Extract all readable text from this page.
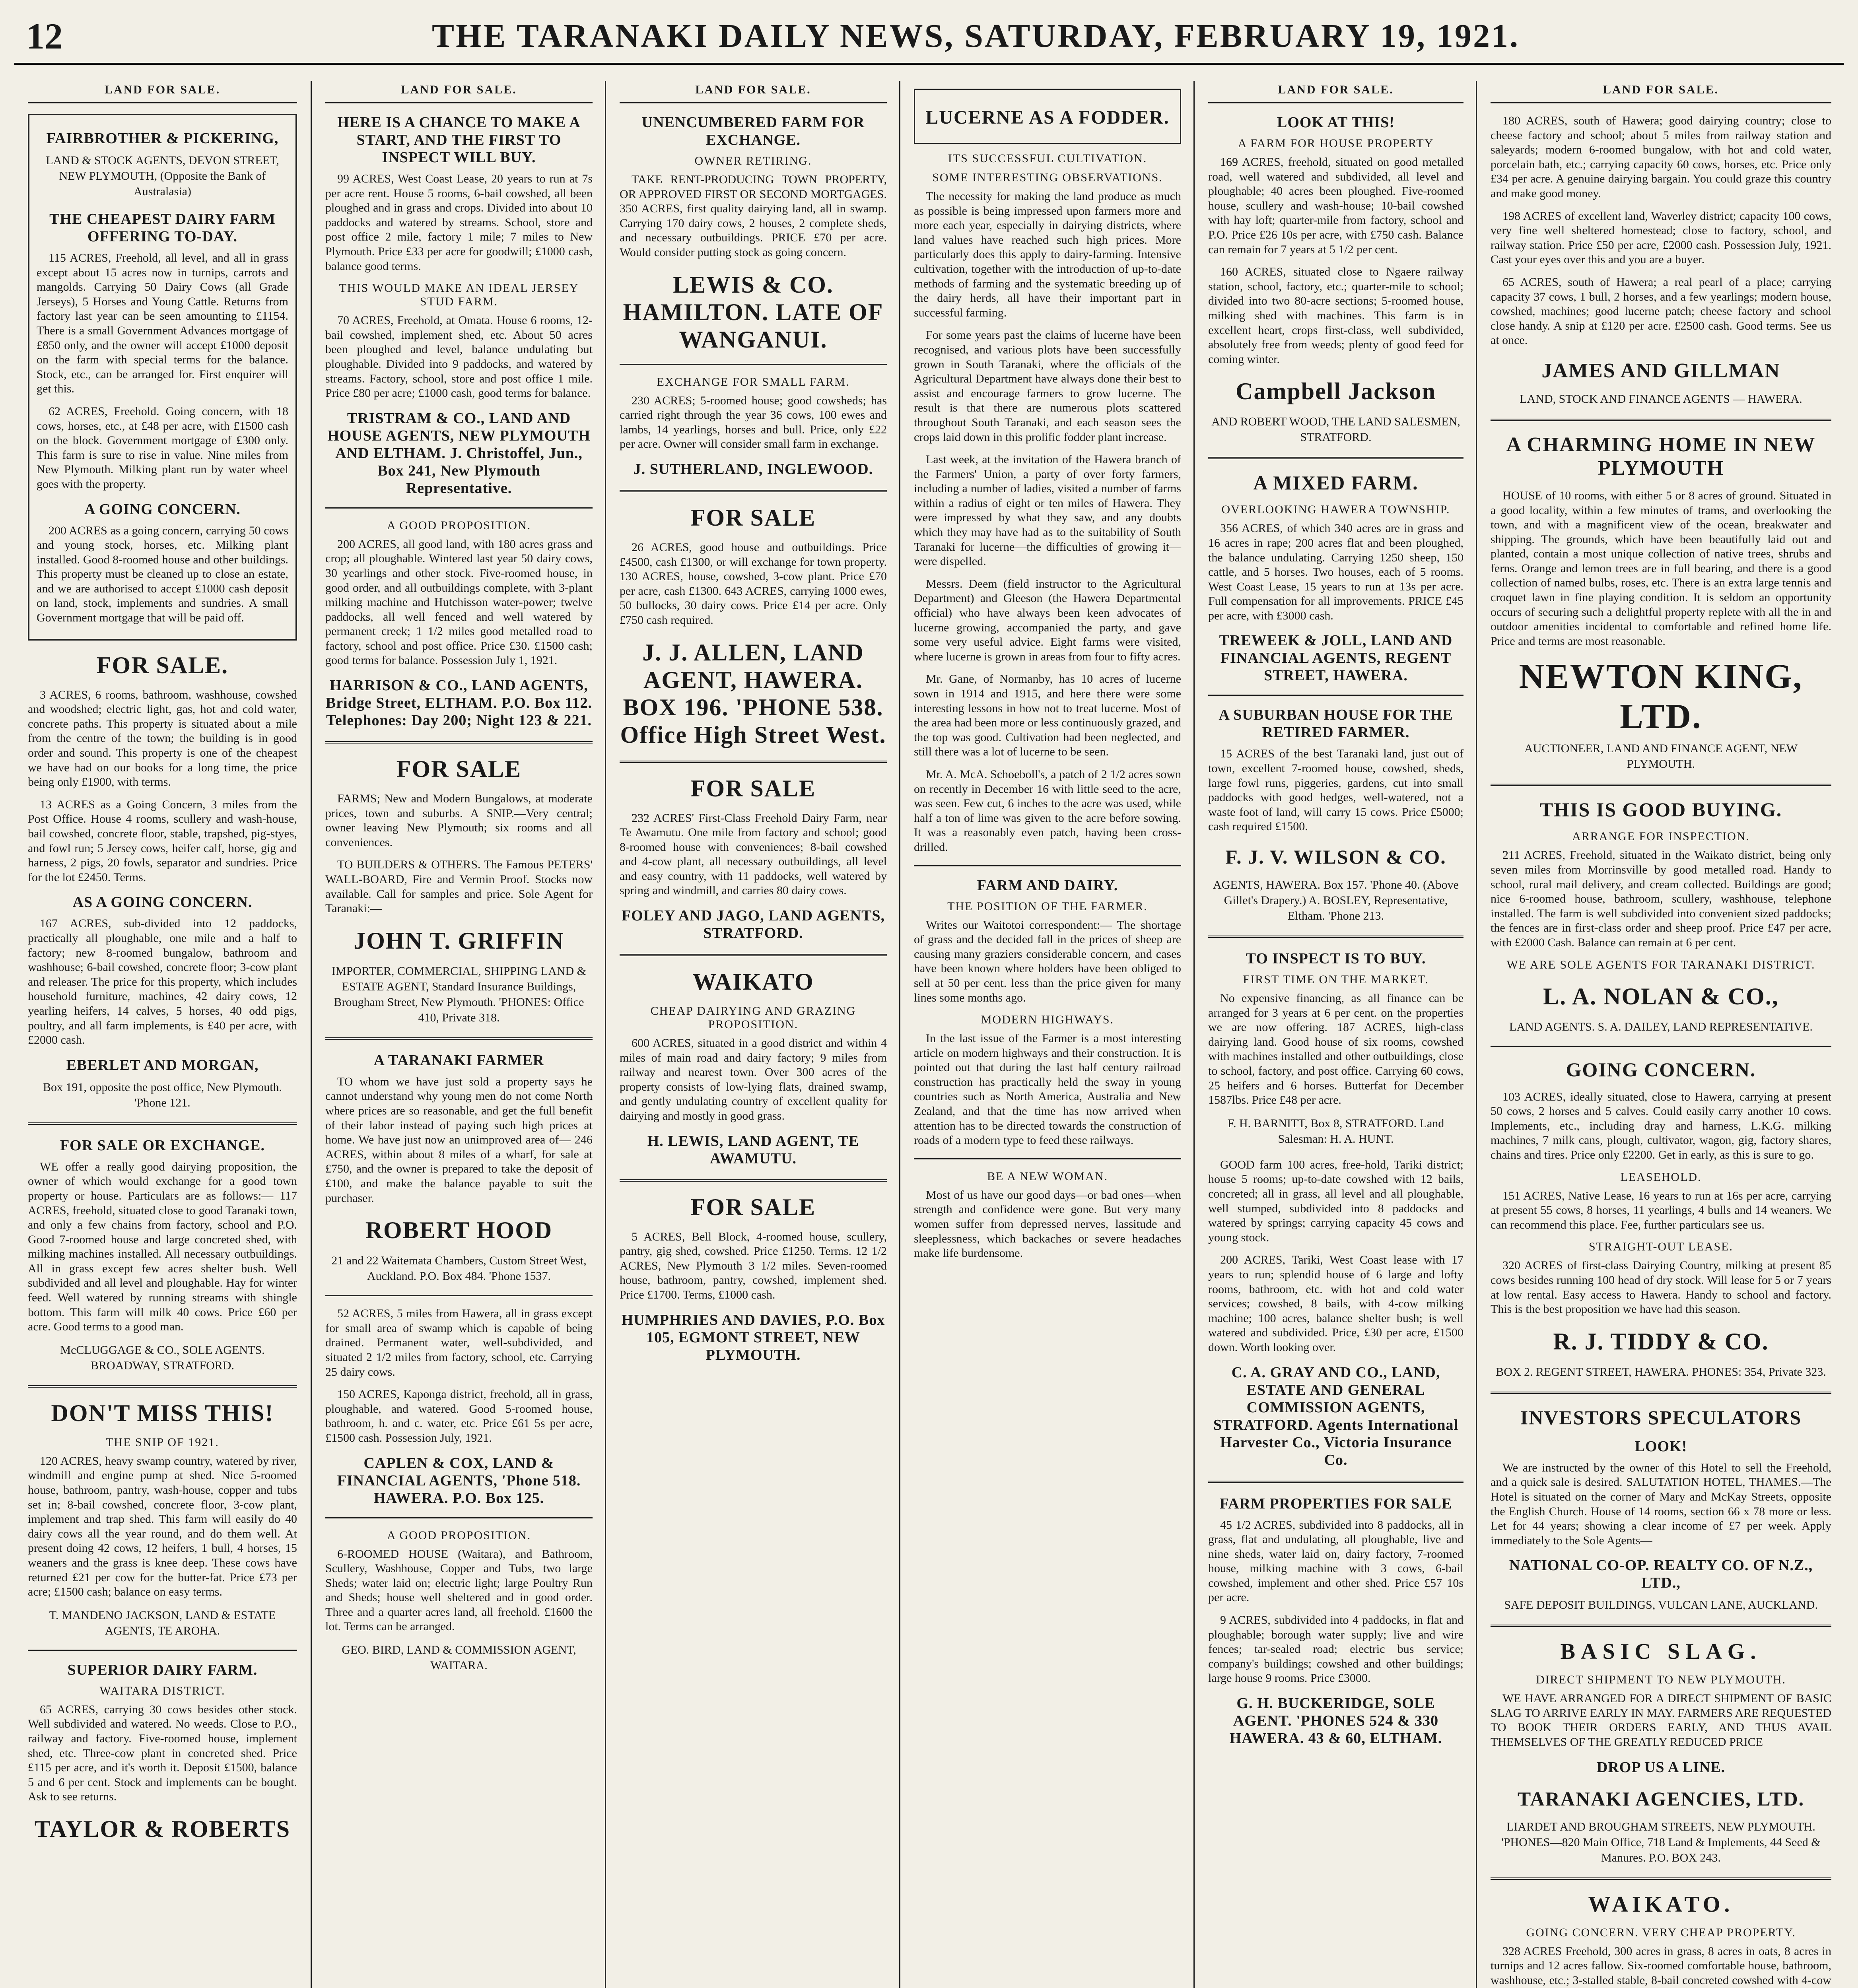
12	THE TARANAKI DAILY NEWS, SATURDAY, FEBRUARY 19, 1921.
LAND FOR SALE.
FAIRBROTHER & PICKERING,
LAND & STOCK AGENTS, DEVON STREET, NEW PLYMOUTH, (Opposite the Bank of Australasia)
THE CHEAPEST DAIRY FARM OFFERING TO-DAY.

115 ACRES, Freehold, all level, and all in grass except about 15 acres now in turnips, carrots and mangolds. Carrying 50 Dairy Cows (all Grade Jerseys), 5 Horses and Young Cattle. Returns from factory last year can be seen amounting to £1154. There is a small Government Advances mortgage of £850 only, and the owner will accept £1000 deposit on the farm with special terms for the balance. Stock, etc., can be arranged for. First enquirer will get this.

62 ACRES, Freehold. Going concern, with 18 cows, horses, etc., at £48 per acre, with £1500 cash on the block. Government mortgage of £300 only. This farm is sure to rise in value. Nine miles from New Plymouth. Milking plant run by water wheel goes with the property.

A GOING CONCERN.

200 ACRES as a going concern, carrying 50 cows and young stock, horses, etc. Milking plant installed. Good 8-roomed house and other buildings. This property must be cleaned up to close an estate, and we are authorised to accept £1000 cash deposit on land, stock, implements and sundries. A small Government mortgage that will be paid off.

FOR SALE.

3 ACRES, 6 rooms, bathroom, washhouse, cowshed and woodshed; electric light, gas, hot and cold water, concrete paths. This property is situated about a mile from the centre of the town; the building is in good order and sound. This property is one of the cheapest we have had on our books for a long time, the price being only £1900, with terms.

13 ACRES as a Going Concern, 3 miles from the Post Office. House 4 rooms, scullery and wash-house, bail cowshed, concrete floor, stable, trapshed, pig-styes, and fowl run; 5 Jersey cows, heifer calf, horse, gig and harness, 2 pigs, 20 fowls, separator and sundries. Price for the lot £2450. Terms.

AS A GOING CONCERN.

167 ACRES, sub-divided into 12 paddocks, practically all ploughable, one mile and a half to factory; new 8-roomed bungalow, bathroom and washhouse; 6-bail cowshed, concrete floor; 3-cow plant and releaser. The price for this property, which includes household furniture, machines, 42 dairy cows, 12 yearling heifers, 14 calves, 5 horses, 40 odd pigs, poultry, and all farm implements, is £40 per acre, with £2000 cash.

EBERLET AND MORGAN,
Box 191, opposite the post office, New Plymouth. 'Phone 121.
FOR SALE OR EXCHANGE.

WE offer a really good dairying proposition, the owner of which would exchange for a good town property or house. Particulars are as follows:— 117 ACRES, freehold, situated close to good Taranaki town, and only a few chains from factory, school and P.O. Good 7-roomed house and large concreted shed, with milking machines installed. All necessary outbuildings. All in grass except few acres shelter bush. Well subdivided and all level and ploughable. Hay for winter feed. Well watered by running streams with shingle bottom. This farm will milk 40 cows. Price £60 per acre. Good terms to a good man.

McCLUGGAGE & CO., SOLE AGENTS. BROADWAY, STRATFORD.
DON'T MISS THIS!
THE SNIP OF 1921.

120 ACRES, heavy swamp country, watered by river, windmill and engine pump at shed. Nice 5-roomed house, bathroom, pantry, wash-house, copper and tubs set in; 8-bail cowshed, concrete floor, 3-cow plant, implement and trap shed. This farm will easily do 40 dairy cows all the year round, and do them well. At present doing 42 cows, 12 heifers, 1 bull, 4 horses, 15 weaners and the grass is knee deep. These cows have returned £21 per cow for the butter-fat. Price £73 per acre; £1500 cash; balance on easy terms.

T. MANDENO JACKSON, LAND & ESTATE AGENTS, TE AROHA.
SUPERIOR DAIRY FARM.
WAITARA DISTRICT.

65 ACRES, carrying 30 cows besides other stock. Well subdivided and watered. No weeds. Close to P.O., railway and factory. Five-roomed house, implement shed, etc. Three-cow plant in concreted shed. Price £115 per acre, and it's worth it. Deposit £1500, balance 5 and 6 per cent. Stock and implements can be bought. Ask to see returns.

TAYLOR & ROBERTS
LAND FOR SALE.
HERE IS A CHANCE TO MAKE A START, AND THE FIRST TO INSPECT WILL BUY.

99 ACRES, West Coast Lease, 20 years to run at 7s per acre rent. House 5 rooms, 6-bail cowshed, all been ploughed and in grass and crops. Divided into about 10 paddocks and watered by streams. School, store and post office 2 mile, factory 1 mile; 7 miles to New Plymouth. Price £33 per acre for goodwill; £1000 cash, balance good terms.

THIS WOULD MAKE AN IDEAL JERSEY STUD FARM.

70 ACRES, Freehold, at Omata. House 6 rooms, 12-bail cowshed, implement shed, etc. About 50 acres been ploughed and level, balance undulating but ploughable. Divided into 9 paddocks, and watered by streams. Factory, school, store and post office 1 mile. Price £80 per acre; £1000 cash, good terms for balance.

TRISTRAM & CO., LAND AND HOUSE AGENTS, NEW PLYMOUTH AND ELTHAM. J. Christoffel, Jun., Box 241, New Plymouth Representative.
A GOOD PROPOSITION.

200 ACRES, all good land, with 180 acres grass and crop; all ploughable. Wintered last year 50 dairy cows, 30 yearlings and other stock. Five-roomed house, in good order, and all outbuildings complete, with 3-plant milking machine and Hutchisson water-power; twelve paddocks, all well fenced and well watered by permanent creek; 1 1/2 miles good metalled road to factory, school and post office. Price £30. £1500 cash; good terms for balance. Possession July 1, 1921.

HARRISON & CO., LAND AGENTS, Bridge Street, ELTHAM. P.O. Box 112. Telephones: Day 200; Night 123 & 221.
FOR SALE

FARMS; New and Modern Bungalows, at moderate prices, town and suburbs. A SNIP.—Very central; owner leaving New Plymouth; six rooms and all conveniences.

TO BUILDERS & OTHERS. The Famous PETERS' WALL-BOARD, Fire and Vermin Proof. Stocks now available. Call for samples and price. Sole Agent for Taranaki:—

JOHN T. GRIFFIN
IMPORTER, COMMERCIAL, SHIPPING LAND & ESTATE AGENT, Standard Insurance Buildings, Brougham Street, New Plymouth. 'PHONES: Office 410, Private 318.
A TARANAKI FARMER

TO whom we have just sold a property says he cannot understand why young men do not come North where prices are so reasonable, and get the full benefit of their labor instead of paying such high prices at home. We have just now an unimproved area of— 246 ACRES, within about 8 miles of a wharf, for sale at £750, and the owner is prepared to take the deposit of £100, and make the balance payable to suit the purchaser.

ROBERT HOOD
21 and 22 Waitemata Chambers, Custom Street West, Auckland. P.O. Box 484. 'Phone 1537.

52 ACRES, 5 miles from Hawera, all in grass except for small area of swamp which is capable of being drained. Permanent water, well-subdivided, and situated 2 1/2 miles from factory, school, etc. Carrying 25 dairy cows.

150 ACRES, Kaponga district, freehold, all in grass, ploughable, and watered. Good 5-roomed house, bathroom, h. and c. water, etc. Price £61 5s per acre, £1500 cash. Possession July, 1921.

CAPLEN & COX, LAND & FINANCIAL AGENTS, 'Phone 518. HAWERA. P.O. Box 125.
A GOOD PROPOSITION.

6-ROOMED HOUSE (Waitara), and Bathroom, Scullery, Washhouse, Copper and Tubs, two large Sheds; water laid on; electric light; large Poultry Run and Sheds; house well sheltered and in good order. Three and a quarter acres land, all freehold. £1600 the lot. Terms can be arranged.

GEO. BIRD, LAND & COMMISSION AGENT, WAITARA.
LAND FOR SALE.
UNENCUMBERED FARM FOR EXCHANGE.
OWNER RETIRING.

TAKE RENT-PRODUCING TOWN PROPERTY, OR APPROVED FIRST OR SECOND MORTGAGES. 350 ACRES, first quality dairying land, all in swamp. Carrying 170 dairy cows, 2 houses, 2 complete sheds, and necessary outbuildings. PRICE £70 per acre. Would consider putting stock as going concern.

LEWIS & CO. HAMILTON. LATE OF WANGANUI.
EXCHANGE FOR SMALL FARM.

230 ACRES; 5-roomed house; good cowsheds; has carried right through the year 36 cows, 100 ewes and lambs, 14 yearlings, horses and bull. Price, only £22 per acre. Owner will consider small farm in exchange.

J. SUTHERLAND, INGLEWOOD.
FOR SALE

26 ACRES, good house and outbuildings. Price £4500, cash £1300, or will exchange for town property. 130 ACRES, house, cowshed, 3-cow plant. Price £70 per acre, cash £1300. 643 ACRES, carrying 1000 ewes, 50 bullocks, 30 dairy cows. Price £14 per acre. Only £750 cash required.

J. J. ALLEN, LAND AGENT, HAWERA. BOX 196. 'PHONE 538. Office High Street West.
FOR SALE

232 ACRES' First-Class Freehold Dairy Farm, near Te Awamutu. One mile from factory and school; good 8-roomed house with conveniences; 8-bail cowshed and 4-cow plant, all necessary outbuildings, all level and easy country, with 11 paddocks, well watered by spring and windmill, and carries 80 dairy cows.

FOLEY AND JAGO, LAND AGENTS, STRATFORD.
WAIKATO
CHEAP DAIRYING AND GRAZING PROPOSITION.

600 ACRES, situated in a good district and within 4 miles of main road and dairy factory; 9 miles from railway and nearest town. Over 300 acres of the property consists of low-lying flats, drained swamp, and gently undulating country of excellent quality for dairying and mostly in good grass.

H. LEWIS, LAND AGENT, TE AWAMUTU.
FOR SALE

5 ACRES, Bell Block, 4-roomed house, scullery, pantry, gig shed, cowshed. Price £1250. Terms. 12 1/2 ACRES, New Plymouth 3 1/2 miles. Seven-roomed house, bathroom, pantry, cowshed, implement shed. Price £1700. Terms, £1000 cash.

HUMPHRIES AND DAVIES, P.O. Box 105, EGMONT STREET, NEW PLYMOUTH.
LUCERNE AS A FODDER.
ITS SUCCESSFUL CULTIVATION.
SOME INTERESTING OBSERVATIONS.

The necessity for making the land produce as much as possible is being impressed upon farmers more and more each year, especially in dairying districts, where land values have reached such high prices. More particularly does this apply to dairy-farming. Intensive cultivation, together with the introduction of up-to-date methods of farming and the systematic breeding up of the dairy herds, all have their important part in successful farming.

For some years past the claims of lucerne have been recognised, and various plots have been successfully grown in South Taranaki, where the officials of the Agricultural Department have always done their best to assist and encourage farmers to grow lucerne. The result is that there are numerous plots scattered throughout South Taranaki, and each season sees the crops laid down in this prolific fodder plant increase.

Last week, at the invitation of the Hawera branch of the Farmers' Union, a party of over forty farmers, including a number of ladies, visited a number of farms within a radius of eight or ten miles of Hawera. They were impressed by what they saw, and any doubts which they may have had as to the suitability of South Taranaki for lucerne—the difficulties of growing it—were dispelled.

Messrs. Deem (field instructor to the Agricultural Department) and Gleeson (the Hawera Departmental official) who have always been keen advocates of lucerne growing, accompanied the party, and gave some very useful advice. Eight farms were visited, where lucerne is grown in areas from four to fifty acres.

Mr. Gane, of Normanby, has 10 acres of lucerne sown in 1914 and 1915, and here there were some interesting lessons in how not to treat lucerne. Most of the area had been more or less continuously grazed, and the top was good. Cultivation had been neglected, and still there was a lot of lucerne to be seen.

Mr. A. McA. Schoeboll's, a patch of 2 1/2 acres sown on recently in December 16 with little seed to the acre, was seen. Few cut, 6 inches to the acre was used, while half a ton of lime was given to the acre before sowing. It was a reasonably even patch, having been cross-drilled.

FARM AND DAIRY.
THE POSITION OF THE FARMER.

Writes our Waitotoi correspondent:— The shortage of grass and the decided fall in the prices of sheep are causing many graziers considerable concern, and cases have been known where holders have been obliged to sell at 50 per cent. less than the price given for many lines some months ago.

MODERN HIGHWAYS.

In the last issue of the Farmer is a most interesting article on modern highways and their construction. It is pointed out that during the last half century railroad construction has practically held the sway in young countries such as North America, Australia and New Zealand, and that the time has now arrived when attention has to be directed towards the construction of roads of a modern type to feed these railways.

BE A NEW WOMAN.

Most of us have our good days—or bad ones—when strength and confidence were gone. But very many women suffer from depressed nerves, lassitude and sleeplessness, which backaches or severe headaches make life burdensome.

LAND FOR SALE.
LOOK AT THIS!
A FARM FOR HOUSE PROPERTY

169 ACRES, freehold, situated on good metalled road, well watered and subdivided, all level and ploughable; 40 acres been ploughed. Five-roomed house, scullery and wash-house; 10-bail cowshed with hay loft; quarter-mile from factory, school and P.O. Price £26 10s per acre, with £750 cash. Balance can remain for 7 years at 5 1/2 per cent.

160 ACRES, situated close to Ngaere railway station, school, factory, etc.; quarter-mile to school; divided into two 80-acre sections; 5-roomed house, milking shed with machines. This farm is in excellent heart, crops first-class, well subdivided, absolutely free from weeds; plenty of good feed for coming winter.

Campbell Jackson
AND ROBERT WOOD, THE LAND SALESMEN, STRATFORD.
A MIXED FARM.
OVERLOOKING HAWERA TOWNSHIP.

356 ACRES, of which 340 acres are in grass and 16 acres in rape; 200 acres flat and been ploughed, the balance undulating. Carrying 1250 sheep, 150 cattle, and 5 horses. Two houses, each of 5 rooms. West Coast Lease, 15 years to run at 13s per acre. Full compensation for all improvements. PRICE £45 per acre, with £3000 cash.

TREWEEK & JOLL, LAND AND FINANCIAL AGENTS, REGENT STREET, HAWERA.
A SUBURBAN HOUSE FOR THE RETIRED FARMER.

15 ACRES of the best Taranaki land, just out of town, excellent 7-roomed house, cowshed, sheds, large fowl runs, piggeries, gardens, cut into small paddocks with good hedges, well-watered, not a waste foot of land, will carry 15 cows. Price £5000; cash required £1500.

F. J. V. WILSON & CO.
AGENTS, HAWERA. Box 157. 'Phone 40. (Above Gillet's Drapery.) A. BOSLEY, Representative, Eltham. 'Phone 213.
TO INSPECT IS TO BUY.
FIRST TIME ON THE MARKET.

No expensive financing, as all finance can be arranged for 3 years at 6 per cent. on the properties we are now offering. 187 ACRES, high-class dairying land. Good house of six rooms, cowshed with machines installed and other outbuildings, close to school, factory, and post office. Carrying 60 cows, 25 heifers and 6 horses. Butterfat for December 1587lbs. Price £48 per acre.

F. H. BARNITT, Box 8, STRATFORD. Land Salesman: H. A. HUNT.

GOOD farm 100 acres, free-hold, Tariki district; house 5 rooms; up-to-date cowshed with 12 bails, concreted; all in grass, all level and all ploughable, well stumped, subdivided into 8 paddocks and watered by springs; carrying capacity 45 cows and young stock.

200 ACRES, Tariki, West Coast lease with 17 years to run; splendid house of 6 large and lofty rooms, bathroom, etc. with hot and cold water services; cowshed, 8 bails, with 4-cow milking machine; 100 acres, balance shelter bush; is well watered and subdivided. Price, £30 per acre, £1500 down. Worth looking over.

C. A. GRAY AND CO., LAND, ESTATE AND GENERAL COMMISSION AGENTS, STRATFORD. Agents International Harvester Co., Victoria Insurance Co.
FARM PROPERTIES FOR SALE

45 1/2 ACRES, subdivided into 8 paddocks, all in grass, flat and undulating, all ploughable, live and nine sheds, water laid on, dairy factory, 7-roomed house, milking machine with 3 cows, 6-bail cowshed, implement and other shed. Price £57 10s per acre.

9 ACRES, subdivided into 4 paddocks, in flat and ploughable; borough water supply; live and wire fences; tar-sealed road; electric bus service; company's buildings; cowshed and other buildings; large house 9 rooms. Price £3000.

G. H. BUCKERIDGE, SOLE AGENT. 'PHONES 524 & 330 HAWERA. 43 & 60, ELTHAM.
LAND FOR SALE.

180 ACRES, south of Hawera; good dairying country; close to cheese factory and school; about 5 miles from railway station and saleyards; modern 6-roomed bungalow, with hot and cold water, porcelain bath, etc.; carrying capacity 60 cows, horses, etc. Price only £34 per acre. A genuine dairying bargain. You could graze this country and make good money.

198 ACRES of excellent land, Waverley district; capacity 100 cows, very fine well sheltered homestead; close to factory, school, and railway station. Price £50 per acre, £2000 cash. Possession July, 1921. Cast your eyes over this and you are a buyer.

65 ACRES, south of Hawera; a real pearl of a place; carrying capacity 37 cows, 1 bull, 2 horses, and a few yearlings; modern house, cowshed, machines; good lucerne patch; cheese factory and school close handy. A snip at £120 per acre. £2500 cash. Good terms. See us at once.

JAMES AND GILLMAN
LAND, STOCK AND FINANCE AGENTS — HAWERA.
A CHARMING HOME IN NEW PLYMOUTH

HOUSE of 10 rooms, with either 5 or 8 acres of ground. Situated in a good locality, within a few minutes of trams, and overlooking the town, and with a magnificent view of the ocean, breakwater and shipping. The grounds, which have been beautifully laid out and planted, contain a most unique collection of native trees, shrubs and ferns. Orange and lemon trees are in full bearing, and there is a good collection of named bulbs, roses, etc. There is an extra large tennis and croquet lawn in fine playing condition. It is seldom an opportunity occurs of securing such a delightful property replete with all the in and outdoor amenities incidental to comfortable and refined home life. Price and terms are most reasonable.

NEWTON KING, LTD.
AUCTIONEER, LAND AND FINANCE AGENT, NEW PLYMOUTH.
THIS IS GOOD BUYING.
ARRANGE FOR INSPECTION.

211 ACRES, Freehold, situated in the Waikato district, being only seven miles from Morrinsville by good metalled road. Handy to school, rural mail delivery, and cream collected. Buildings are good; nice 6-roomed house, bathroom, scullery, washhouse, telephone installed. The farm is well subdivided into convenient sized paddocks; the fences are in first-class order and sheep proof. Price £47 per acre, with £2000 Cash. Balance can remain at 6 per cent.

WE ARE SOLE AGENTS FOR TARANAKI DISTRICT.
L. A. NOLAN & CO.,
LAND AGENTS. S. A. DAILEY, LAND REPRESENTATIVE.
GOING CONCERN.

103 ACRES, ideally situated, close to Hawera, carrying at present 50 cows, 2 horses and 5 calves. Could easily carry another 10 cows. Implements, etc., including dray and harness, L.K.G. milking machines, 7 milk cans, plough, cultivator, wagon, gig, factory shares, chains and tires. Price only £2200. Get in early, as this is sure to go.

LEASEHOLD.

151 ACRES, Native Lease, 16 years to run at 16s per acre, carrying at present 55 cows, 8 horses, 11 yearlings, 4 bulls and 14 weaners. We can recommend this place. Fee, further particulars see us.

STRAIGHT-OUT LEASE.

320 ACRES of first-class Dairying Country, milking at present 85 cows besides running 100 head of dry stock. Will lease for 5 or 7 years at low rental. Easy access to Hawera. Handy to school and factory. This is the best proposition we have had this season.

R. J. TIDDY & CO.
BOX 2. REGENT STREET, HAWERA. PHONES: 354, Private 323.
INVESTORS SPECULATORS
LOOK!

We are instructed by the owner of this Hotel to sell the Freehold, and a quick sale is desired. SALUTATION HOTEL, THAMES.—The Hotel is situated on the corner of Mary and McKay Streets, opposite the English Church. House of 14 rooms, section 66 x 78 more or less. Let for 44 years; showing a clear income of £7 per week. Apply immediately to the Sole Agents—

NATIONAL CO-OP. REALTY CO. OF N.Z., LTD.,
SAFE DEPOSIT BUILDINGS, VULCAN LANE, AUCKLAND.
BASIC SLAG.
DIRECT SHIPMENT TO NEW PLYMOUTH.

WE HAVE ARRANGED FOR A DIRECT SHIPMENT OF BASIC SLAG TO ARRIVE EARLY IN MAY. FARMERS ARE REQUESTED TO BOOK THEIR ORDERS EARLY, AND THUS AVAIL THEMSELVES OF THE GREATLY REDUCED PRICE

DROP US A LINE.
TARANAKI AGENCIES, LTD.
LIARDET AND BROUGHAM STREETS, NEW PLYMOUTH. 'PHONES—820 Main Office, 718 Land & Implements, 44 Seed & Manures. P.O. BOX 243.
WAIKATO.
GOING CONCERN. VERY CHEAP PROPERTY.

328 ACRES Freehold, 300 acres in grass, 8 acres in oats, 8 acres in turnips and 12 acres fallow. Six-roomed comfortable house, bathroom, washhouse, etc.; 3-stalled stable, 8-bail concreted cowshed with 4-cow
